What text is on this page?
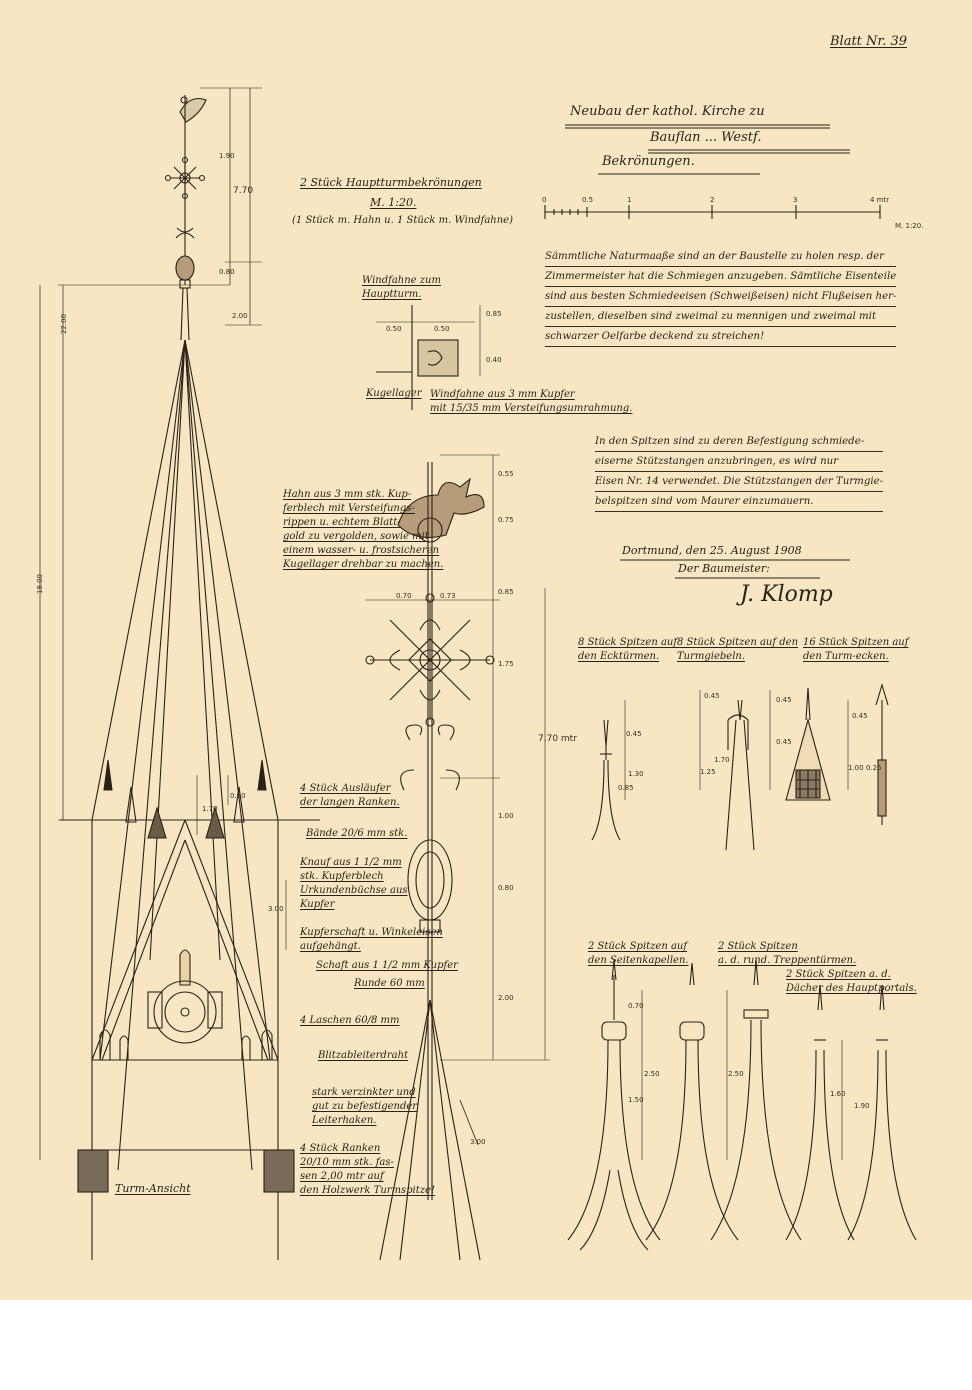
Blatt Nr. 39
Neubau der kathol. Kirche zu
Bauflan ... Westf.
Bekrönungen.
0	0.5	1	2	3	4 mtr
M. 1:20.
2 Stück Hauptturmbekrönungen
M. 1:20.
(1 Stück m. Hahn u. 1 Stück m. Windfahne)
Sämmtliche Naturmaaße sind an der Baustelle zu holen resp. der
Zimmermeister hat die Schmiegen anzugeben. Sämtliche Eisenteile
sind aus besten Schmiedeeisen (Schweißeisen) nicht Flußeisen her-
zustellen, dieselben sind zweimal zu mennigen und zweimal mit
schwarzer Oelfarbe deckend zu streichen!
In den Spitzen sind zu deren Befestigung schmiede-
eiserne Stützstangen anzubringen, es wird nur
Eisen Nr. 14 verwendet. Die Stützstangen der Turmgie-
belspitzen sind vom Maurer einzumauern.
Dortmund, den 25. August 1908
Der Baumeister:
J. Klomp
Windfahne zum
Hauptturm.
Kugellager Windfahne aus 3 mm Kupfer
mit 15/35 mm Versteifungsumrahmung.
Hahn aus 3 mm stk. Kup-
ferblech mit Versteifungs-
rippen u. echtem Blatt-
gold zu vergolden, sowie mit
einem wasser- u. frostsicheren
Kugellager drehbar zu machen.
4 Stück Ausläufer
der langen Ranken.
Bände 20/6 mm stk.
Knauf aus 1 1/2 mm
stk. Kupferblech
Urkundenbüchse aus
Kupfer
Kupferschaft u. Winkeleisen
aufgehängt.
Schaft aus 1 1/2 mm Kupfer
Runde 60 mm
4 Laschen 60/8 mm
Blitzableiterdraht
stark verzinkter und
gut zu befestigender
Leiterhaken.
4 Stück Ranken
20/10 mm stk. fas-
sen 2,00 mtr auf
den Holzwerk Turmspitze!
Turm-Ansicht
8 Stück Spitzen auf
den Ecktürmen.
8 Stück Spitzen auf den
Turmgiebeln.
16 Stück Spitzen auf
den Turm-ecken.
2 Stück Spitzen auf
den Seitenkapellen.
2 Stück Spitzen
a. d. rund. Treppentürmen.
2 Stück Spitzen a. d.
Dächer des Hauptportals.
1.90
7.70
0.80
2.00
22.00
18.00
1.70
0.90
3.00
0.50	0.50
0.85
0.40
0.55
0.75
0.85
0.70	0.73
1.75
7.70 mtr
1.00
0.80
2.00
3.00
0.45
0.45
1.30
0.85
1.25
1.70
0.45
0.45
0.45
1.00 0.25
0.70
2.50
1.50
2.50
1.60
1.90
